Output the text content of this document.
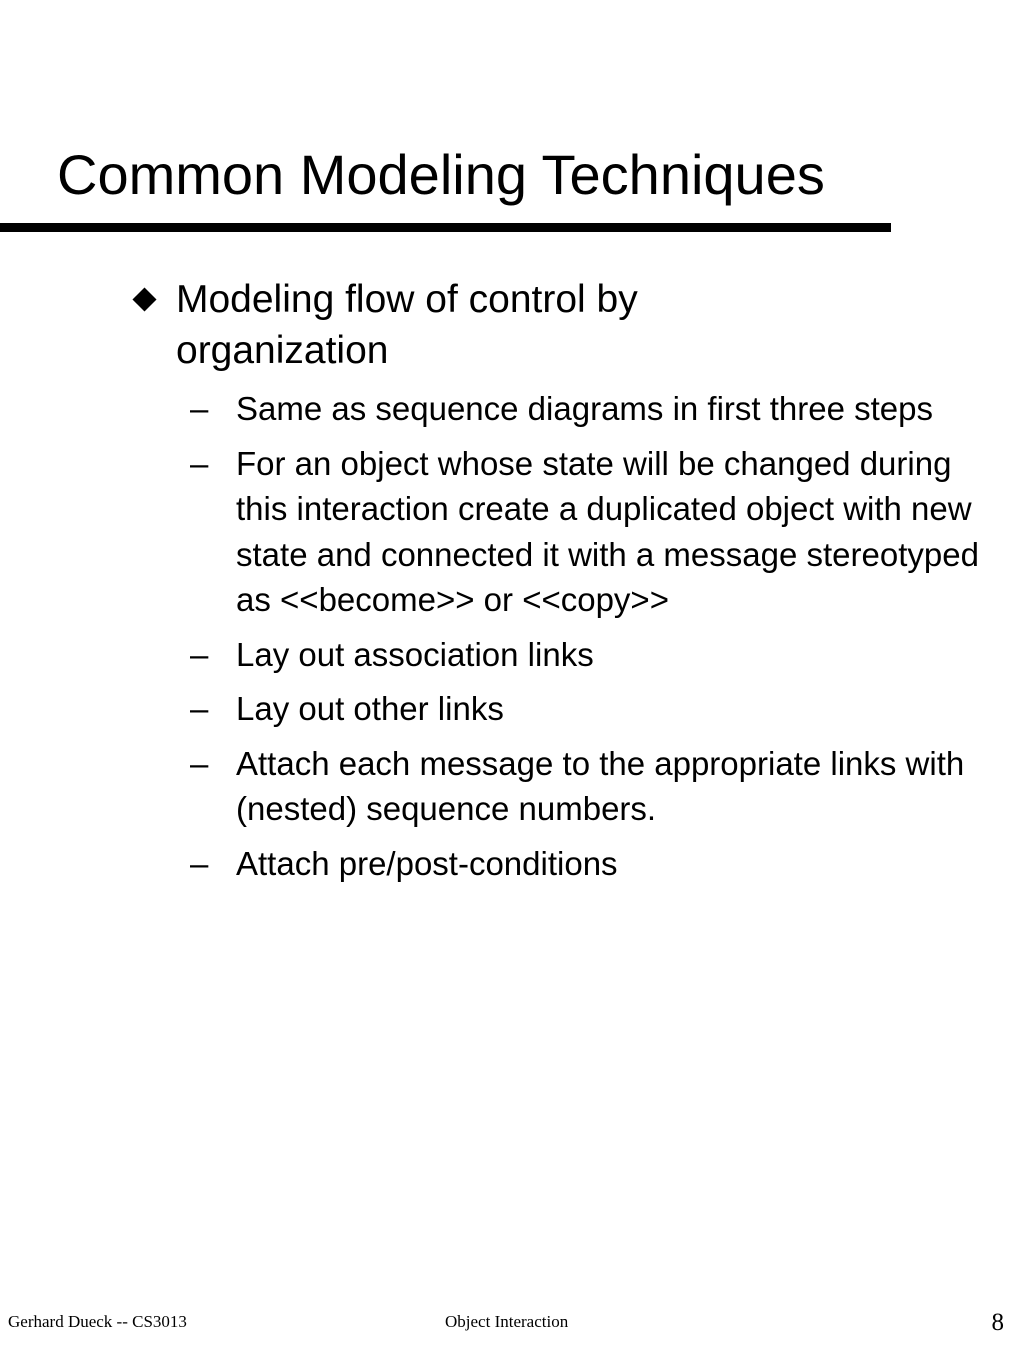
Common Modeling Techniques
Modeling flow of control by organization
– Same as sequence diagrams in first three steps
– For an object whose state will be changed during this interaction create a duplicated object with new state and connected it with a message stereotyped as <<become>> or <<copy>>
– Lay out association links
– Lay out other links
– Attach each message to the appropriate links with (nested) sequence numbers.
– Attach pre/post-conditions
Gerhard Dueck -- CS3013	Object Interaction	8
